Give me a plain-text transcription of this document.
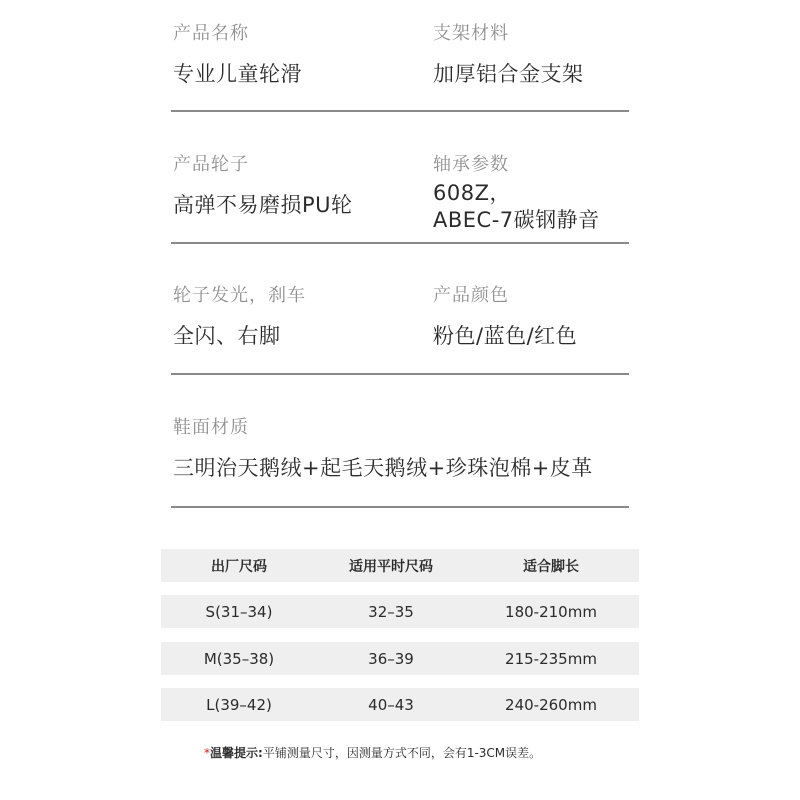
产品名称
专业儿童轮滑
支架材料
加厚铝合金支架
产品轮子
高弹不易磨损PU轮
轴承参数
608Z，
ABEC-7碳钢静音
轮子发光，刹车
全闪、右脚
产品颜色
粉色/蓝色/红色
鞋面材质
三明治天鹅绒+起毛天鹅绒+珍珠泡棉+皮革
出厂尺码	适用平时尺码	适合脚长
S(31–34)	32–35	180-210mm
M(35–38)	36–39	215-235mm
L(39–42)	40–43	240-260mm
*温馨提示:平铺测量尺寸，因测量方式不同，会有1-3CM误差。
